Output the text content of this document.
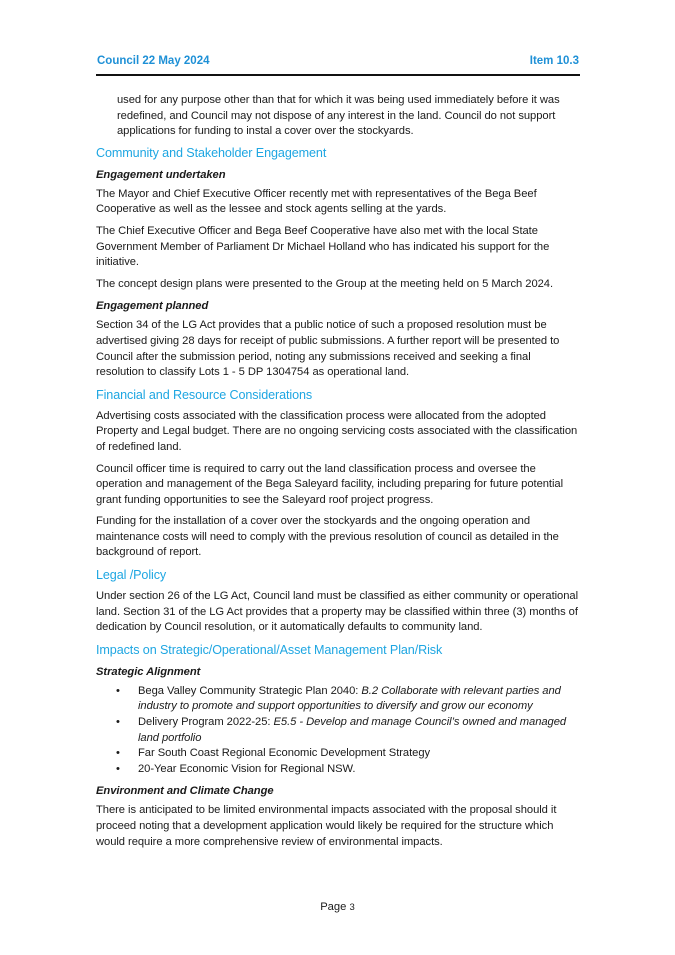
Council 22 May 2024	Item 10.3

used for any purpose other than that for which it was being used immediately before it was redefined, and Council may not dispose of any interest in the land. Council do not support applications for funding to instal a cover over the stockyards.

Community and Stakeholder Engagement
Engagement undertaken

The Mayor and Chief Executive Officer recently met with representatives of the Bega Beef Cooperative as well as the lessee and stock agents selling at the yards.

The Chief Executive Officer and Bega Beef Cooperative have also met with the local State Government Member of Parliament Dr Michael Holland who has indicated his support for the initiative.

The concept design plans were presented to the Group at the meeting held on 5 March 2024.

Engagement planned

Section 34 of the LG Act provides that a public notice of such a proposed resolution must be advertised giving 28 days for receipt of public submissions. A further report will be presented to Council after the submission period, noting any submissions received and seeking a final resolution to classify Lots 1 - 5 DP 1304754 as operational land.

Financial and Resource Considerations

Advertising costs associated with the classification process were allocated from the adopted Property and Legal budget. There are no ongoing servicing costs associated with the classification of redefined land.

Council officer time is required to carry out the land classification process and oversee the operation and management of the Bega Saleyard facility, including preparing for future potential grant funding opportunities to see the Saleyard roof project progress.

Funding for the installation of a cover over the stockyards and the ongoing operation and maintenance costs will need to comply with the previous resolution of council as detailed in the background of report.

Legal /Policy

Under section 26 of the LG Act, Council land must be classified as either community or operational land. Section 31 of the LG Act provides that a property may be classified within three (3) months of dedication by Council resolution, or it automatically defaults to community land.

Impacts on Strategic/Operational/Asset Management Plan/Risk
Strategic Alignment
• Bega Valley Community Strategic Plan 2040: B.2 Collaborate with relevant parties and industry to promote and support opportunities to diversify and grow our economy
• Delivery Program 2022-25: E5.5 - Develop and manage Council’s owned and managed land portfolio
• Far South Coast Regional Economic Development Strategy
• 20-Year Economic Vision for Regional NSW.
Environment and Climate Change

There is anticipated to be limited environmental impacts associated with the proposal should it proceed noting that a development application would likely be required for the structure which would require a more comprehensive review of environmental impacts.

Page 3
